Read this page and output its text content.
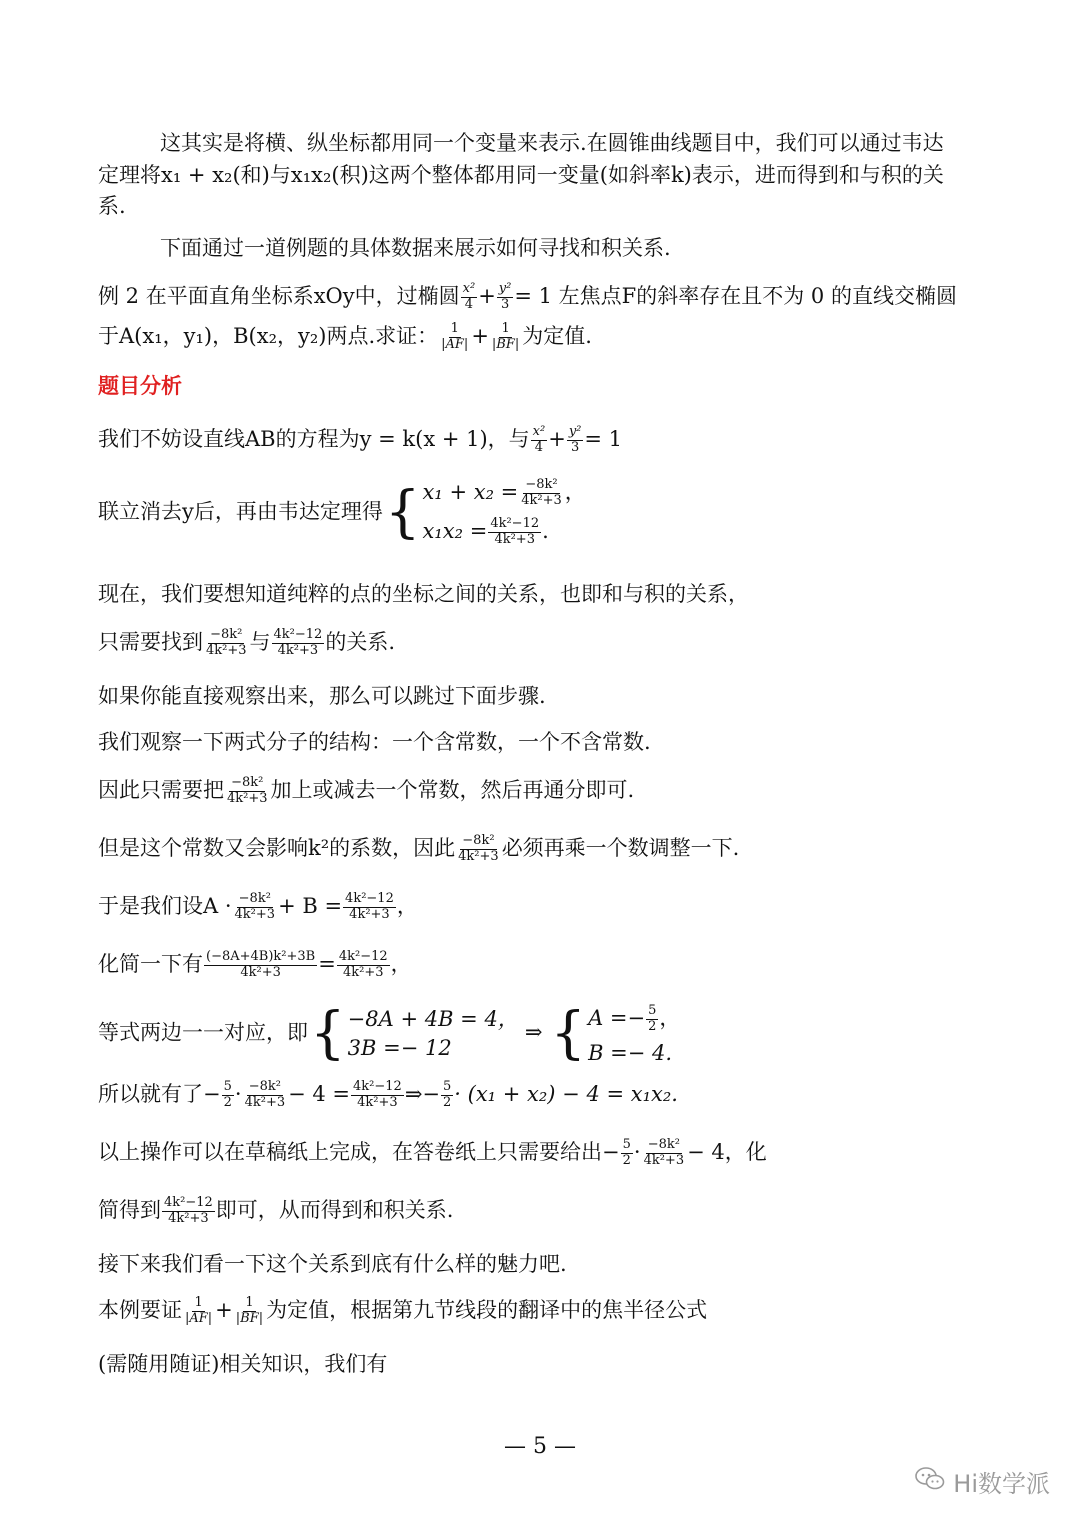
这其实是将横、纵坐标都用同一个变量来表示.在圆锥曲线题目中，我们可以通过韦达
定理将x₁ + x₂(和)与x₁x₂(积)这两个整体都用同一变量(如斜率k)表示，进而得到和与积的关
系.
下面通过一道例题的具体数据来展示如何寻找和积关系.
例 2 在平面直角坐标系xOy中，过椭圆 $\frac{\text{x²}}{4} + \frac{\text{y²}}{3} = 1$ 左焦点F的斜率存在且不为 0 的直线交椭圆
于A(x₁，y₁)，B(x₂，y₂)两点.求证： $\frac{1}{|AF|} + \frac{1}{|BF|}$ 为定值.
题目分析
我们不妨设直线AB的方程为y = k(x + 1)，与 $\frac{\text{x²}}{4} + \frac{\text{y²}}{3} = 1$
联立消去y后，再由韦达定理得{ $x_1 + x_2 = \frac{\text{−8k²}}{\text{4k²+3}}$ ，
$x_1x_2 = \frac{\text{4k²−12}}{\text{4k²+3}}$ .
现在，我们要想知道纯粹的点的坐标之间的关系，也即和与积的关系，
只需要找到 $\frac{\text{−8k²}}{\text{4k²+3}}$ 与 $\frac{\text{4k²−12}}{\text{4k²+3}}$ 的关系.
如果你能直接观察出来，那么可以跳过下面步骤.
我们观察一下两式分子的结构：一个含常数，一个不含常数.
因此只需要把 $\frac{\text{−8k²}}{\text{4k²+3}}$ 加上或减去一个常数，然后再通分即可.
但是这个常数又会影响k²的系数，因此 $\frac{\text{−8k²}}{\text{4k²+3}}$ 必须再乘一个数调整一下.
于是我们设$A \cdot \frac{\text{−8k²}}{\text{4k²+3}} + B = \frac{\text{4k²−12}}{\text{4k²+3}}$ ，
化简一下有 $\frac{\text{(−8A+4B)k²+3B}}{\text{4k²+3}} = \frac{\text{4k²−12}}{\text{4k²+3}}$ ，
等式两边一一对应，即{ −8A + 4B = 4，
3B =− 12
⇒ { $A =- \frac{5}{2}$ ，
B =− 4.
所以就有了− $\frac{5}{2} \cdot \frac{\text{−8k²}}{\text{4k²+3}} - 4 = \frac{\text{4k²−12}}{\text{4k²+3}}$ ⇒− $\frac{5}{2} \cdot (x_1 + x_2) - 4 = x_1x_2$.
以上操作可以在草稿纸上完成，在答卷纸上只需要给出− $\frac{5}{2} \cdot \frac{\text{−8k²}}{\text{4k²+3}} - 4$，化
简得到 $\frac{\text{4k²−12}}{\text{4k²+3}}$ 即可，从而得到和积关系.
接下来我们看一下这个关系到底有什么样的魅力吧.
本例要证 $\frac{1}{|AF|} + \frac{1}{|BF|}$ 为定值，根据第九节线段的翻译中的焦半径公式
(需随用随证)相关知识，我们有
— 5 —
Hi数学派
